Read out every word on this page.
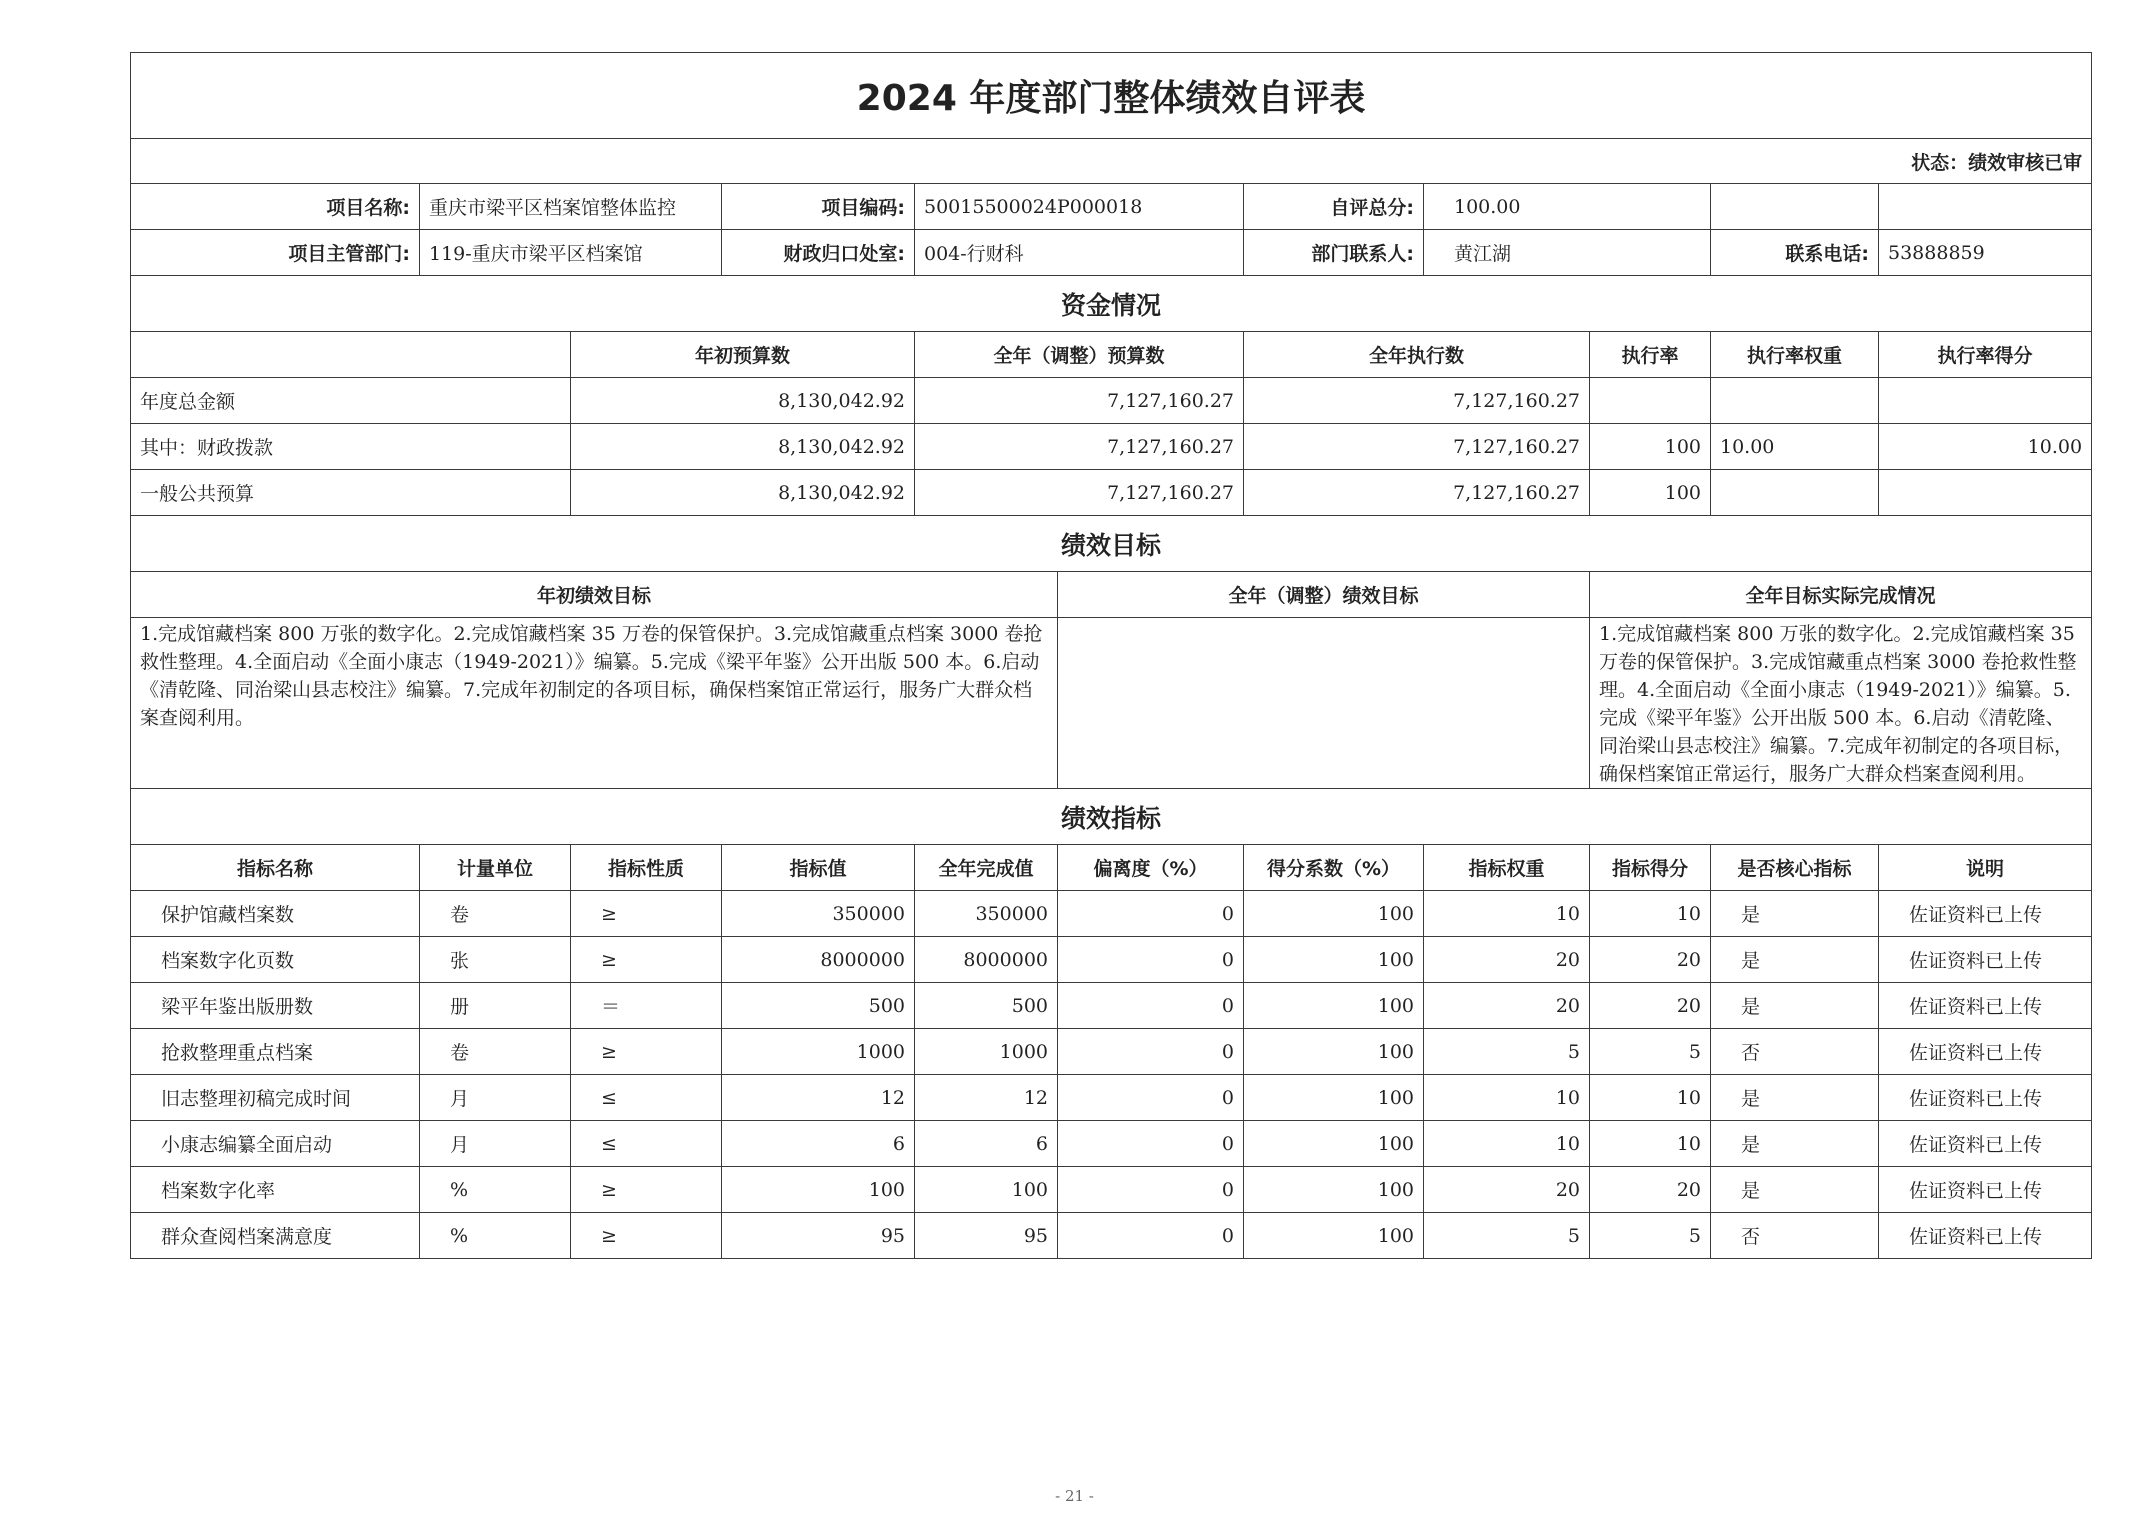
2024 年度部门整体绩效自评表										
状态：绩效审核已审										
项目名称:	重庆市梁平区档案馆整体监控		项目编码:	50015500024P000018		自评总分:	100.00			
项目主管部门:	119-重庆市梁平区档案馆		财政归口处室:	004-行财科		部门联系人:	黄江湖		联系电话:	53888859
资金情况										
		年初预算数		全年（调整）预算数		全年执行数		执行率	执行率权重	执行率得分
年度总金额		8,130,042.92		7,127,160.27		7,127,160.27				
其中：财政拨款		8,130,042.92		7,127,160.27		7,127,160.27		100	10.00	10.00
一般公共预算		8,130,042.92		7,127,160.27		7,127,160.27		100		
绩效目标										
年初绩效目标					全年（调整）绩效目标			全年目标实际完成情况		
1.完成馆藏档案 800 万张的数字化。2.完成馆藏档案 35 万卷的保管保护。3.完成馆藏重点档案 3000 卷抢救性整理。4.全面启动《全面小康志（1949-2021）》编纂。5.完成《梁平年鉴》公开出版 500 本。6.启动《清乾隆、同治梁山县志校注》编纂。7.完成年初制定的各项目标，确保档案馆正常运行，服务广大群众档案查阅利用。								1.完成馆藏档案 800 万张的数字化。2.完成馆藏档案 35 万卷的保管保护。3.完成馆藏重点档案 3000 卷抢救性整理。4.全面启动《全面小康志（1949-2021）》编纂。5.完成《梁平年鉴》公开出版 500 本。6.启动《清乾隆、同治梁山县志校注》编纂。7.完成年初制定的各项目标，确保档案馆正常运行，服务广大群众档案查阅利用。		
绩效指标										
指标名称	计量单位	指标性质	指标值	全年完成值	偏离度（%）	得分系数（%）	指标权重	指标得分	是否核心指标	说明
保护馆藏档案数	卷	≥	350000	350000	0	100	10	10	是	佐证资料已上传
档案数字化页数	张	≥	8000000	8000000	0	100	20	20	是	佐证资料已上传
梁平年鉴出版册数	册	＝	500	500	0	100	20	20	是	佐证资料已上传
抢救整理重点档案	卷	≥	1000	1000	0	100	5	5	否	佐证资料已上传
旧志整理初稿完成时间	月	≤	12	12	0	100	10	10	是	佐证资料已上传
小康志编纂全面启动	月	≤	6	6	0	100	10	10	是	佐证资料已上传
档案数字化率	%	≥	100	100	0	100	20	20	是	佐证资料已上传
群众查阅档案满意度	%	≥	95	95	0	100	5	5	否	佐证资料已上传
- 21 -
